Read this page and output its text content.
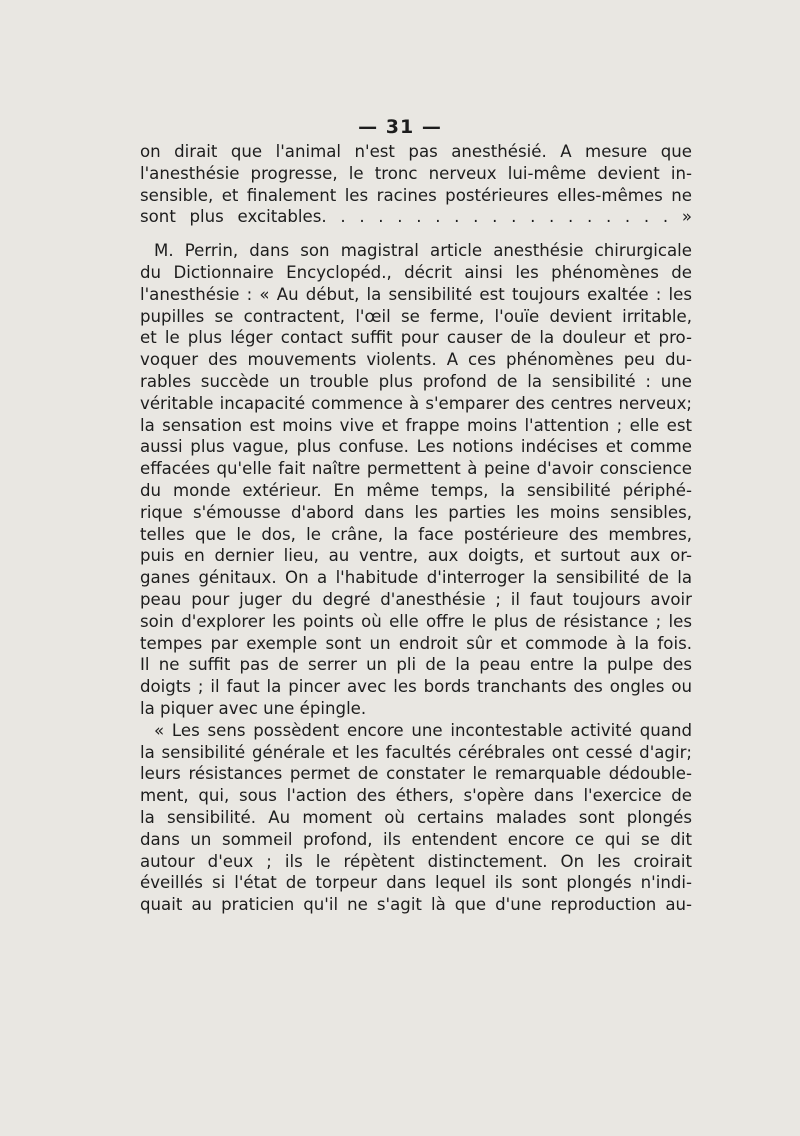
— 31 —
on dirait que l'animal n'est pas anesthésié. A mesure que
l'anesthésie progresse, le tronc nerveux lui-même devient in-
sensible, et finalement les racines postérieures elles-mêmes ne
sont plus excitables. . . . . . . . . . . . . . . . . . . »
M. Perrin, dans son magistral article anesthésie chirurgicale
du Dictionnaire Encyclopéd., décrit ainsi les phénomènes de
l'anesthésie : « Au début, la sensibilité est toujours exaltée : les
pupilles se contractent, l'œil se ferme, l'ouïe devient irritable,
et le plus léger contact suffit pour causer de la douleur et pro-
voquer des mouvements violents. A ces phénomènes peu du-
rables succède un trouble plus profond de la sensibilité : une
véritable incapacité commence à s'emparer des centres nerveux;
la sensation est moins vive et frappe moins l'attention ; elle est
aussi plus vague, plus confuse. Les notions indécises et comme
effacées qu'elle fait naître permettent à peine d'avoir conscience
du monde extérieur. En même temps, la sensibilité périphé-
rique s'émousse d'abord dans les parties les moins sensibles,
telles que le dos, le crâne, la face postérieure des membres,
puis en dernier lieu, au ventre, aux doigts, et surtout aux or-
ganes génitaux. On a l'habitude d'interroger la sensibilité de la
peau pour juger du degré d'anesthésie ; il faut toujours avoir
soin d'explorer les points où elle offre le plus de résistance ; les
tempes par exemple sont un endroit sûr et commode à la fois.
Il ne suffit pas de serrer un pli de la peau entre la pulpe des
doigts ; il faut la pincer avec les bords tranchants des ongles ou
la piquer avec une épingle.
« Les sens possèdent encore une incontestable activité quand
la sensibilité générale et les facultés cérébrales ont cessé d'agir;
leurs résistances permet de constater le remarquable dédouble-
ment, qui, sous l'action des éthers, s'opère dans l'exercice de
la sensibilité. Au moment où certains malades sont plongés
dans un sommeil profond, ils entendent encore ce qui se dit
autour d'eux ; ils le répètent distinctement. On les croirait
éveillés si l'état de torpeur dans lequel ils sont plongés n'indi-
quait au praticien qu'il ne s'agit là que d'une reproduction au-
